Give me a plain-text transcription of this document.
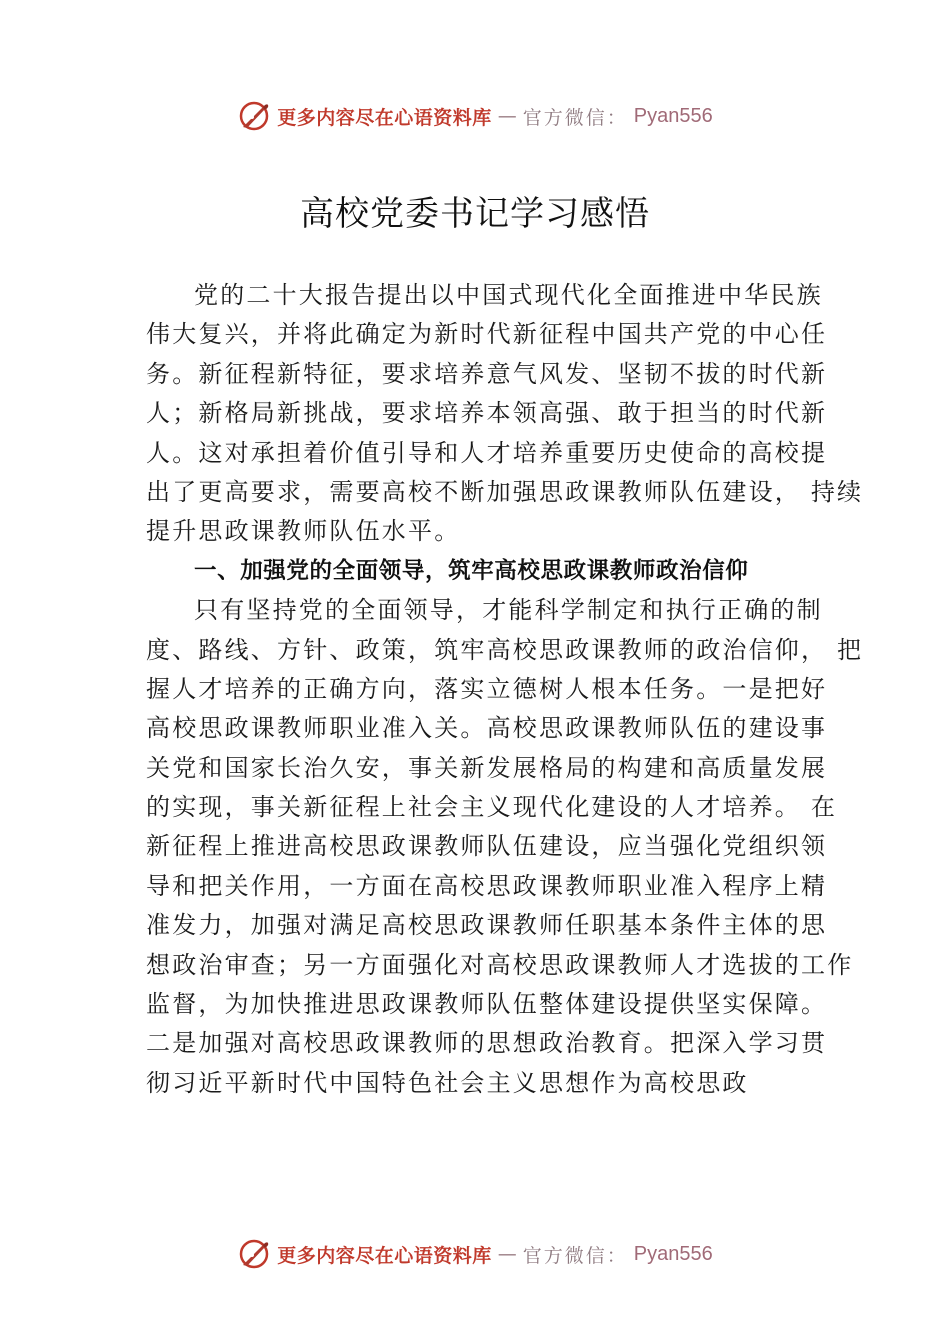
更多内容尽在心语资料库 — 官方微信： Pyan556
高校党委书记学习感悟
党的二十大报告提出以中国式现代化全面推进中华民族
伟大复兴，并将此确定为新时代新征程中国共产党的中心任
务。新征程新特征，要求培养意气风发、坚韧不拔的时代新
人；新格局新挑战，要求培养本领高强、敢于担当的时代新
人。这对承担着价值引导和人才培养重要历史使命的高校提
出了更高要求，需要高校不断加强思政课教师队伍建设， 持续
提升思政课教师队伍水平。
一、加强党的全面领导，筑牢高校思政课教师政治信仰
只有坚持党的全面领导，才能科学制定和执行正确的制
度、路线、方针、政策，筑牢高校思政课教师的政治信仰， 把
握人才培养的正确方向，落实立德树人根本任务。一是把好
高校思政课教师职业准入关。高校思政课教师队伍的建设事
关党和国家长治久安，事关新发展格局的构建和高质量发展
的实现，事关新征程上社会主义现代化建设的人才培养。 在
新征程上推进高校思政课教师队伍建设，应当强化党组织领
导和把关作用，一方面在高校思政课教师职业准入程序上精
准发力，加强对满足高校思政课教师任职基本条件主体的思
想政治审查；另一方面强化对高校思政课教师人才选拔的工作
监督，为加快推进思政课教师队伍整体建设提供坚实保障。
二是加强对高校思政课教师的思想政治教育。把深入学习贯
彻习近平新时代中国特色社会主义思想作为高校思政
更多内容尽在心语资料库 — 官方微信： Pyan556
